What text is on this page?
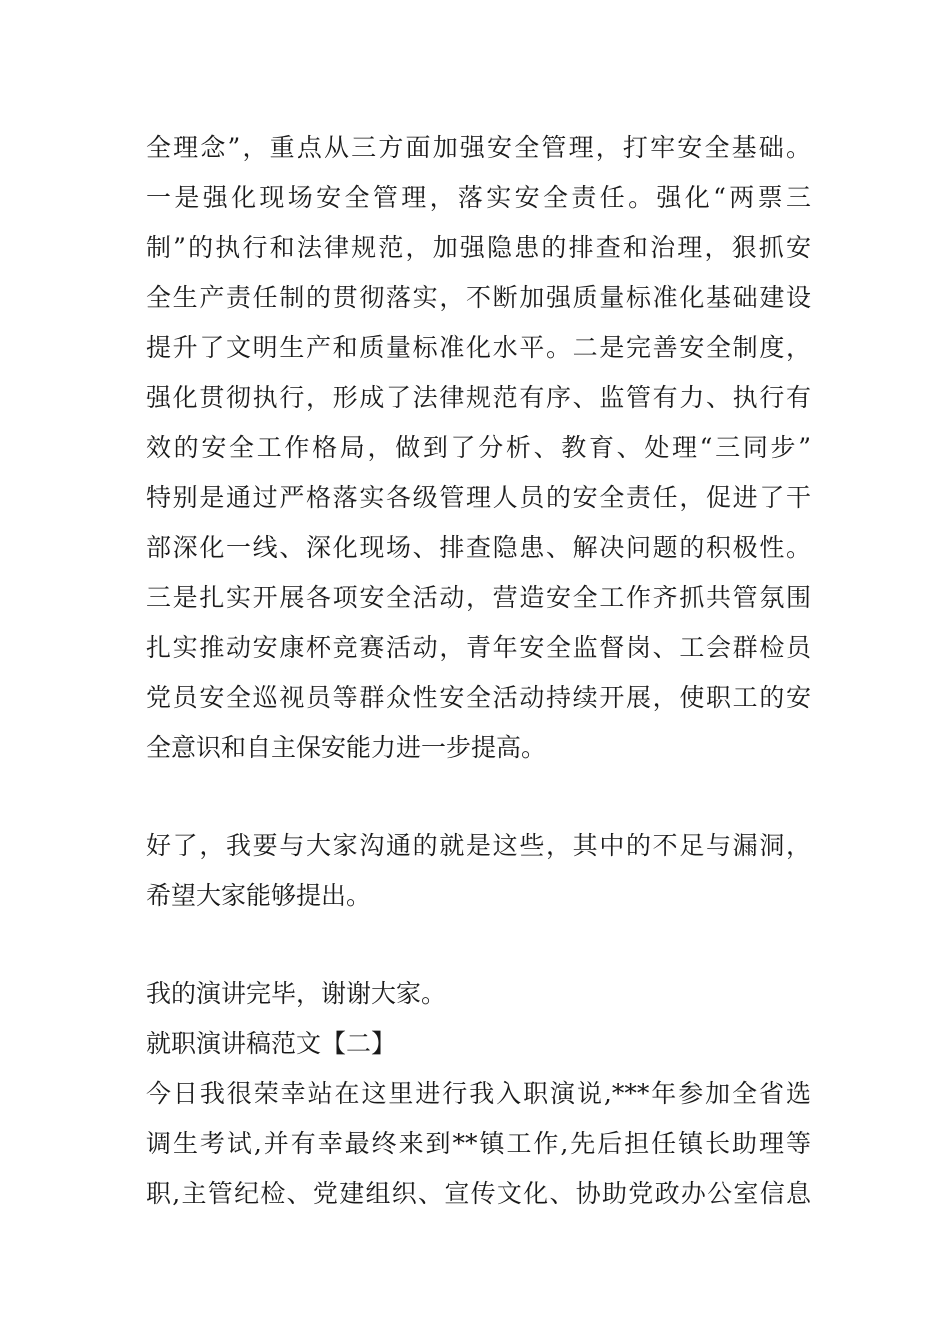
全理念”，重点从三方面加强安全管理，打牢安全基础。
一是强化现场安全管理，落实安全责任。强化“两票三
制”的执行和法律规范，加强隐患的排查和治理，狠抓安
全生产责任制的贯彻落实，不断加强质量标准化基础建设
提升了文明生产和质量标准化水平。二是完善安全制度，
强化贯彻执行，形成了法律规范有序、监管有力、执行有
效的安全工作格局，做到了分析、教育、处理“三同步”
特别是通过严格落实各级管理人员的安全责任，促进了干
部深化一线、深化现场、排查隐患、解决问题的积极性。
三是扎实开展各项安全活动，营造安全工作齐抓共管氛围
扎实推动安康杯竞赛活动，青年安全监督岗、工会群检员
党员安全巡视员等群众性安全活动持续开展，使职工的安
全意识和自主保安能力进一步提高。
好了，我要与大家沟通的就是这些，其中的不足与漏洞，
希望大家能够提出。
我的演讲完毕，谢谢大家。
就职演讲稿范文【二】
今日我很荣幸站在这里进行我入职演说,***年参加全省选
调生考试,并有幸最终来到**镇工作,先后担任镇长助理等
职,主管纪检、党建组织、宣传文化、协助党政办公室信息
